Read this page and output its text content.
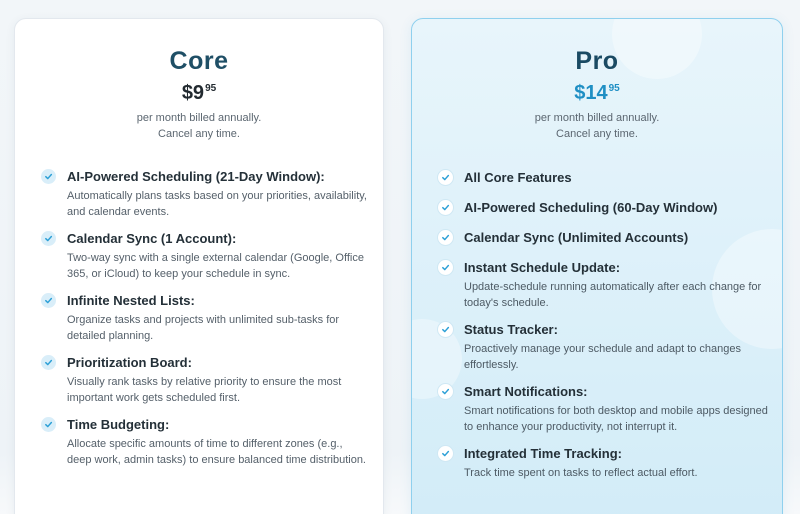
Core
$\$9^{95}$
per month billed annually.
Cancel any time.
AI-Powered Scheduling (21-Day Window):
Automatically plans tasks based on your priorities, availability, and calendar events.
Calendar Sync (1 Account):
Two-way sync with a single external calendar (Google, Office 365, or iCloud) to keep your schedule in sync.
Infinite Nested Lists:
Organize tasks and projects with unlimited sub-tasks for detailed planning.
Prioritization Board:
Visually rank tasks by relative priority to ensure the most important work gets scheduled first.
Time Budgeting:
Allocate specific amounts of time to different zones (e.g., deep work, admin tasks) to ensure balanced time distribution.
Pro
$\$14^{95}$
per month billed annually.
Cancel any time.
All Core Features
AI-Powered Scheduling (60-Day Window)
Calendar Sync (Unlimited Accounts)
Instant Schedule Update:
Update-schedule running automatically after each change for today's schedule.
Status Tracker:
Proactively manage your schedule and adapt to changes effortlessly.
Smart Notifications:
Smart notifications for both desktop and mobile apps designed to enhance your productivity, not interrupt it.
Integrated Time Tracking:
Track time spent on tasks to reflect actual effort.
